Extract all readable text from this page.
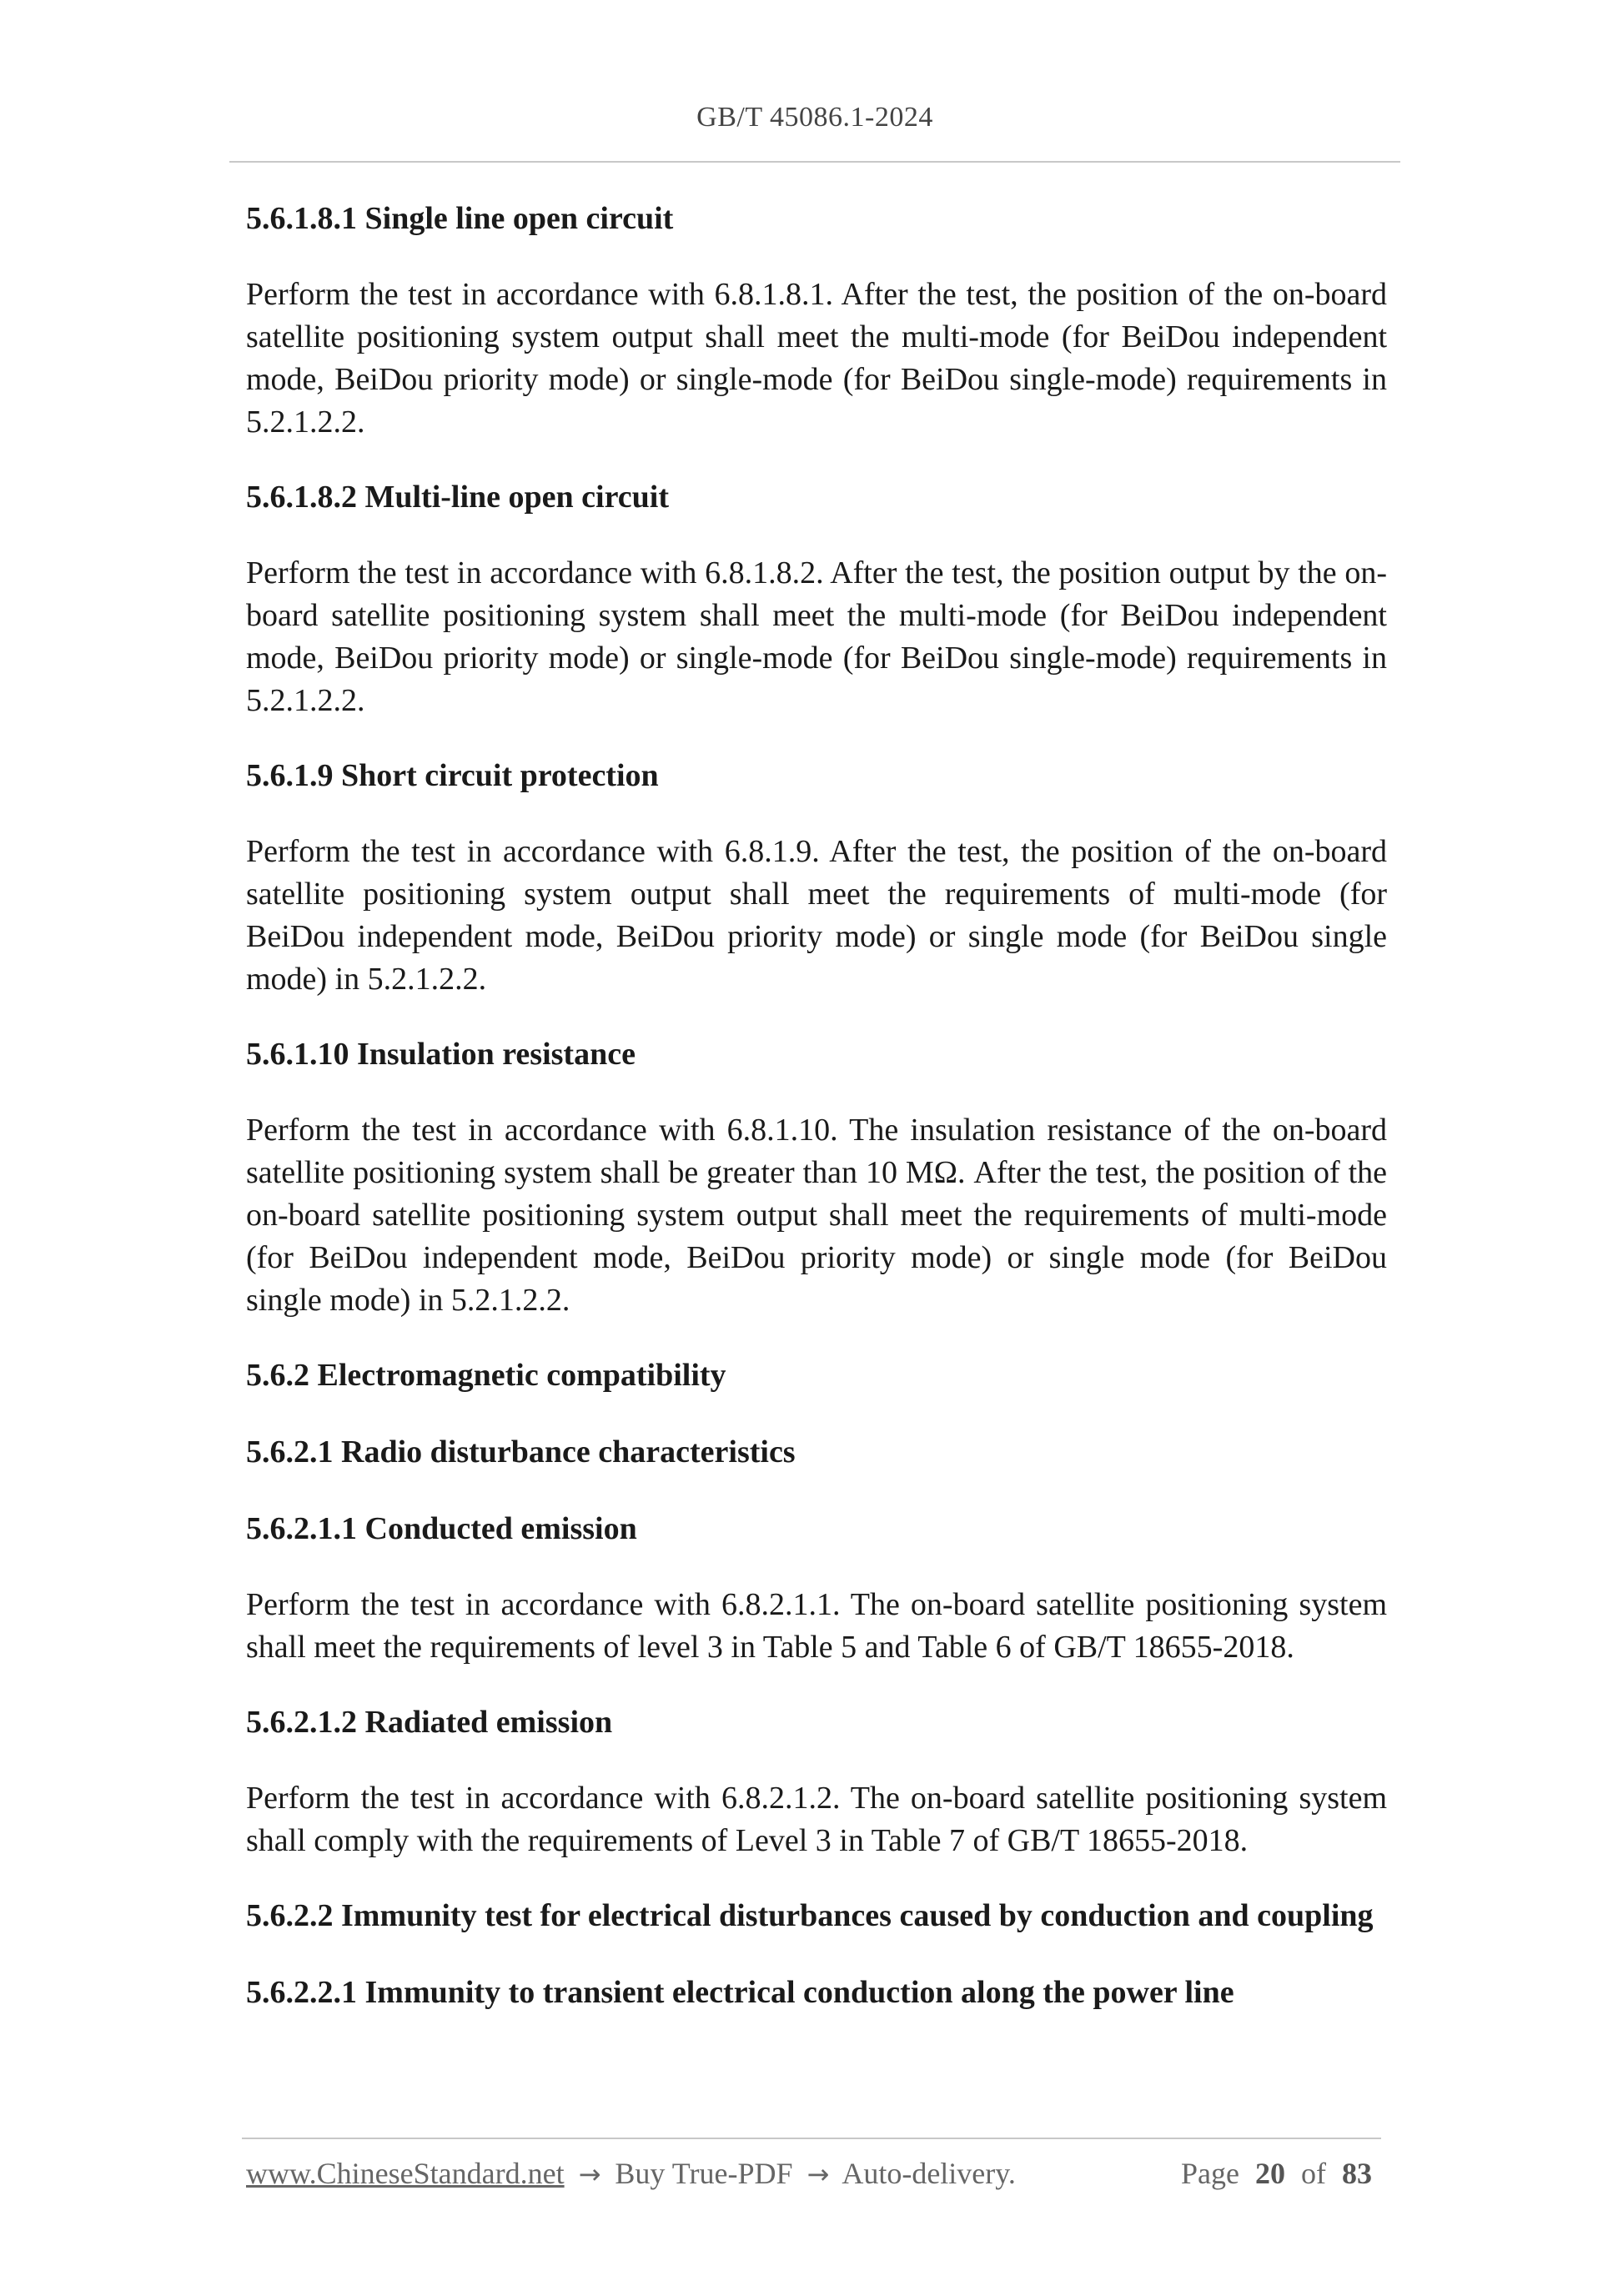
GB/T 45086.1-2024
5.6.1.8.1 Single line open circuit
Perform the test in accordance with 6.8.1.8.1. After the test, the position of the on-board satellite positioning system output shall meet the multi-mode (for BeiDou independent mode, BeiDou priority mode) or single-mode (for BeiDou single-mode) requirements in 5.2.1.2.2.
5.6.1.8.2 Multi-line open circuit
Perform the test in accordance with 6.8.1.8.2. After the test, the position output by the on-board satellite positioning system shall meet the multi-mode (for BeiDou independent mode, BeiDou priority mode) or single-mode (for BeiDou single-mode) requirements in 5.2.1.2.2.
5.6.1.9 Short circuit protection
Perform the test in accordance with 6.8.1.9. After the test, the position of the on-board satellite positioning system output shall meet the requirements of multi-mode (for BeiDou independent mode, BeiDou priority mode) or single mode (for BeiDou single mode) in 5.2.1.2.2.
5.6.1.10 Insulation resistance
Perform the test in accordance with 6.8.1.10. The insulation resistance of the on-board satellite positioning system shall be greater than 10 MΩ. After the test, the position of the on-board satellite positioning system output shall meet the requirements of multi-mode (for BeiDou independent mode, BeiDou priority mode) or single mode (for BeiDou single mode) in 5.2.1.2.2.
5.6.2 Electromagnetic compatibility
5.6.2.1 Radio disturbance characteristics
5.6.2.1.1 Conducted emission
Perform the test in accordance with 6.8.2.1.1. The on-board satellite positioning system shall meet the requirements of level 3 in Table 5 and Table 6 of GB/T 18655-2018.
5.6.2.1.2 Radiated emission
Perform the test in accordance with 6.8.2.1.2. The on-board satellite positioning system shall comply with the requirements of Level 3 in Table 7 of GB/T 18655-2018.
5.6.2.2 Immunity test for electrical disturbances caused by conduction and coupling
5.6.2.2.1 Immunity to transient electrical conduction along the power line
www.ChineseStandard.net → Buy True-PDF → Auto-delivery.	Page 20 of 83
